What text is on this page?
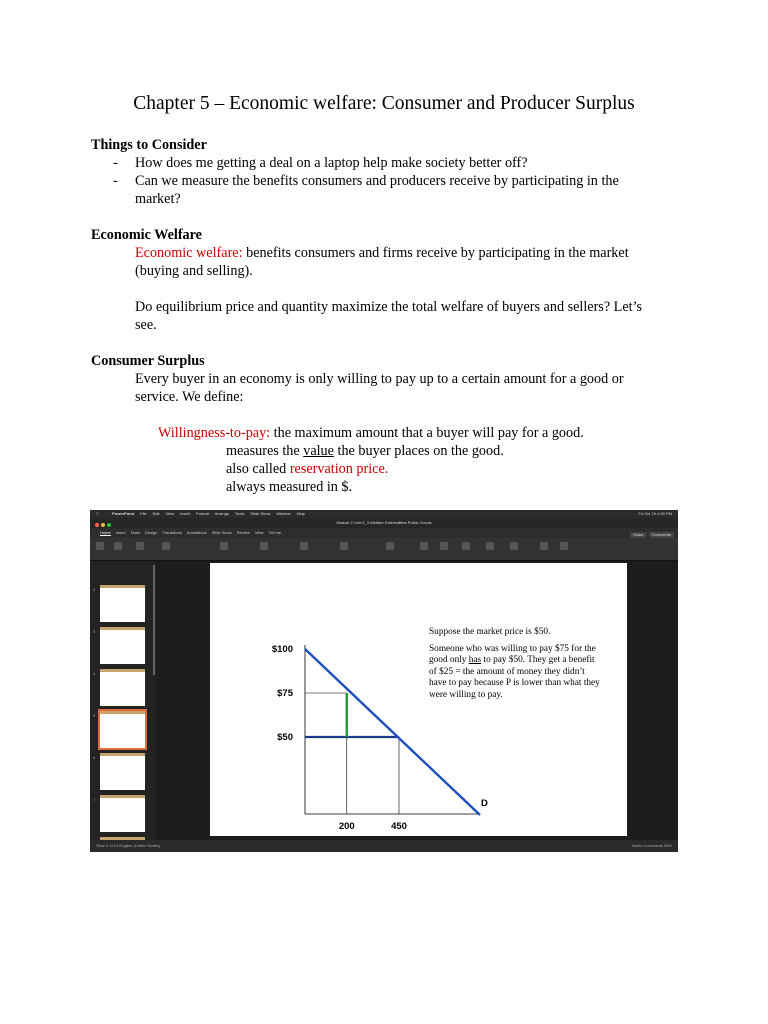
Chapter 5 – Economic welfare: Consumer and Producer Surplus
Things to Consider
- How does me getting a deal on a laptop help make society better off?
- Can we measure the benefits consumers and producers receive by participating in the
market?
Economic Welfare
Economic welfare: benefits consumers and firms receive by participating in the market
(buying and selling).
Do equilibrium price and quantity maximize the total welfare of buyers and sellers? Let’s
see.
Consumer Surplus
Every buyer in an economy is only willing to pay up to a certain amount for a good or
service. We define:
Willingness-to-pay: the maximum amount that a buyer will pay for a good.
measures the value the buyer places on the good.
also called reservation price.
always measured in $.
PowerPoint File Edit View Insert Format Arrange Tools Slide Show Window Help	Fri Oct 19 4:39 PM
Module 2 Unit 5_3 Welfare Externalities Public Goods
Home Insert Draw Design Transitions Animations Slide Show Review View Tell me	Share Comments
2
3
4
5
6
7
$100
$75
$50
200	450
D

Suppose the market price is $50.

Someone who was willing to pay $75 for the good only has to pay $50. They get a benefit of $25 = the amount of money they didn’t have to pay because P is lower than what they were willing to pay.

Slide 5 of 14 English (United States)	Notes Comments 96%
